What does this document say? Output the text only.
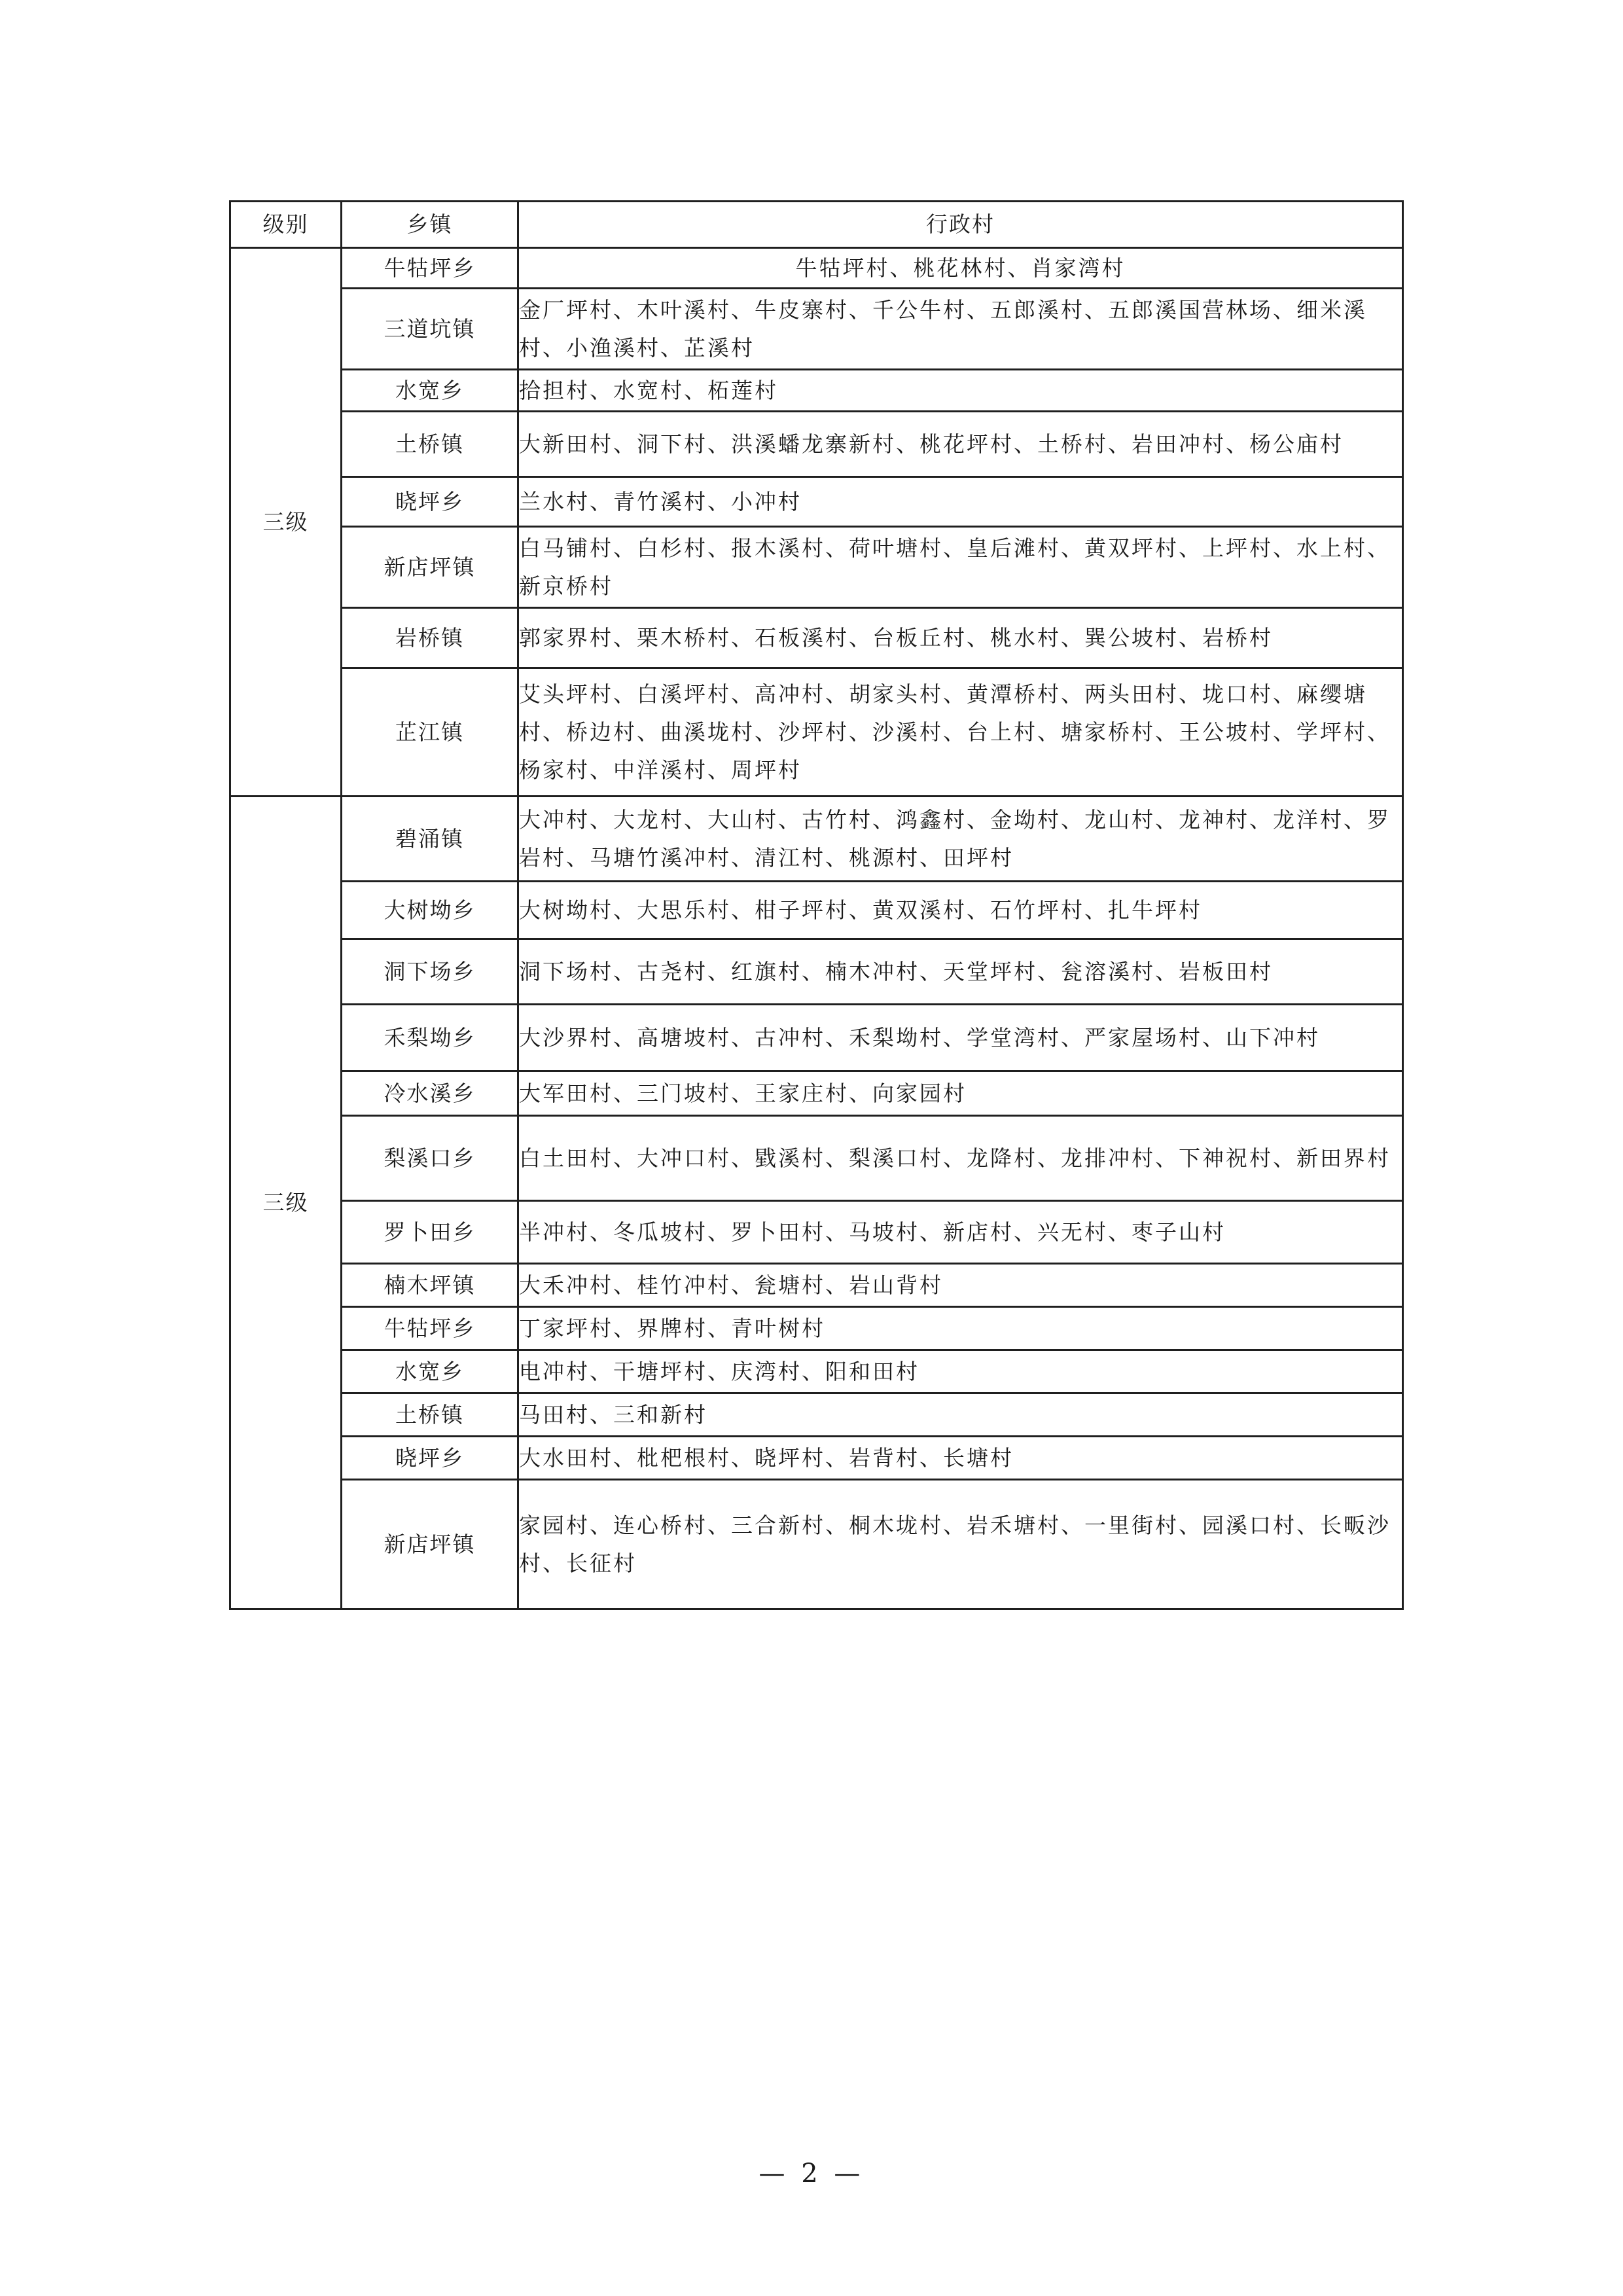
级别	乡镇	行政村
三级	牛牯坪乡	牛牯坪村、桃花林村、肖家湾村
	三道坑镇	金厂坪村、木叶溪村、牛皮寨村、千公牛村、五郎溪村、五郎溪国营林场、细米溪村、小渔溪村、芷溪村
	水宽乡	拾担村、水宽村、柘莲村
	土桥镇	大新田村、洞下村、洪溪蟠龙寨新村、桃花坪村、土桥村、岩田冲村、杨公庙村
	晓坪乡	兰水村、青竹溪村、小冲村
	新店坪镇	白马铺村、白杉村、报木溪村、荷叶塘村、皇后滩村、黄双坪村、上坪村、水上村、新京桥村
	岩桥镇	郭家界村、栗木桥村、石板溪村、台板丘村、桃水村、巽公坡村、岩桥村
	芷江镇	艾头坪村、白溪坪村、高冲村、胡家头村、黄潭桥村、两头田村、垅口村、麻缨塘村、桥边村、曲溪垅村、沙坪村、沙溪村、台上村、塘家桥村、王公坡村、学坪村、杨家村、中洋溪村、周坪村
三级	碧涌镇	大冲村、大龙村、大山村、古竹村、鸿鑫村、金坳村、龙山村、龙神村、龙洋村、罗岩村、马塘竹溪冲村、清江村、桃源村、田坪村
	大树坳乡	大树坳村、大思乐村、柑子坪村、黄双溪村、石竹坪村、扎牛坪村
	洞下场乡	洞下场村、古尧村、红旗村、楠木冲村、天堂坪村、瓮溶溪村、岩板田村
	禾梨坳乡	大沙界村、高塘坡村、古冲村、禾梨坳村、学堂湾村、严家屋场村、山下冲村
	冷水溪乡	大军田村、三门坡村、王家庄村、向家园村
	梨溪口乡	白土田村、大冲口村、戥溪村、梨溪口村、龙降村、龙排冲村、下神祝村、新田界村
	罗卜田乡	半冲村、冬瓜坡村、罗卜田村、马坡村、新店村、兴无村、枣子山村
	楠木坪镇	大禾冲村、桂竹冲村、瓮塘村、岩山背村
	牛牯坪乡	丁家坪村、界牌村、青叶树村
	水宽乡	电冲村、干塘坪村、庆湾村、阳和田村
	土桥镇	马田村、三和新村
	晓坪乡	大水田村、枇杷根村、晓坪村、岩背村、长塘村
	新店坪镇	家园村、连心桥村、三合新村、桐木垅村、岩禾塘村、一里街村、园溪口村、长畈沙村、长征村
— 2 —
